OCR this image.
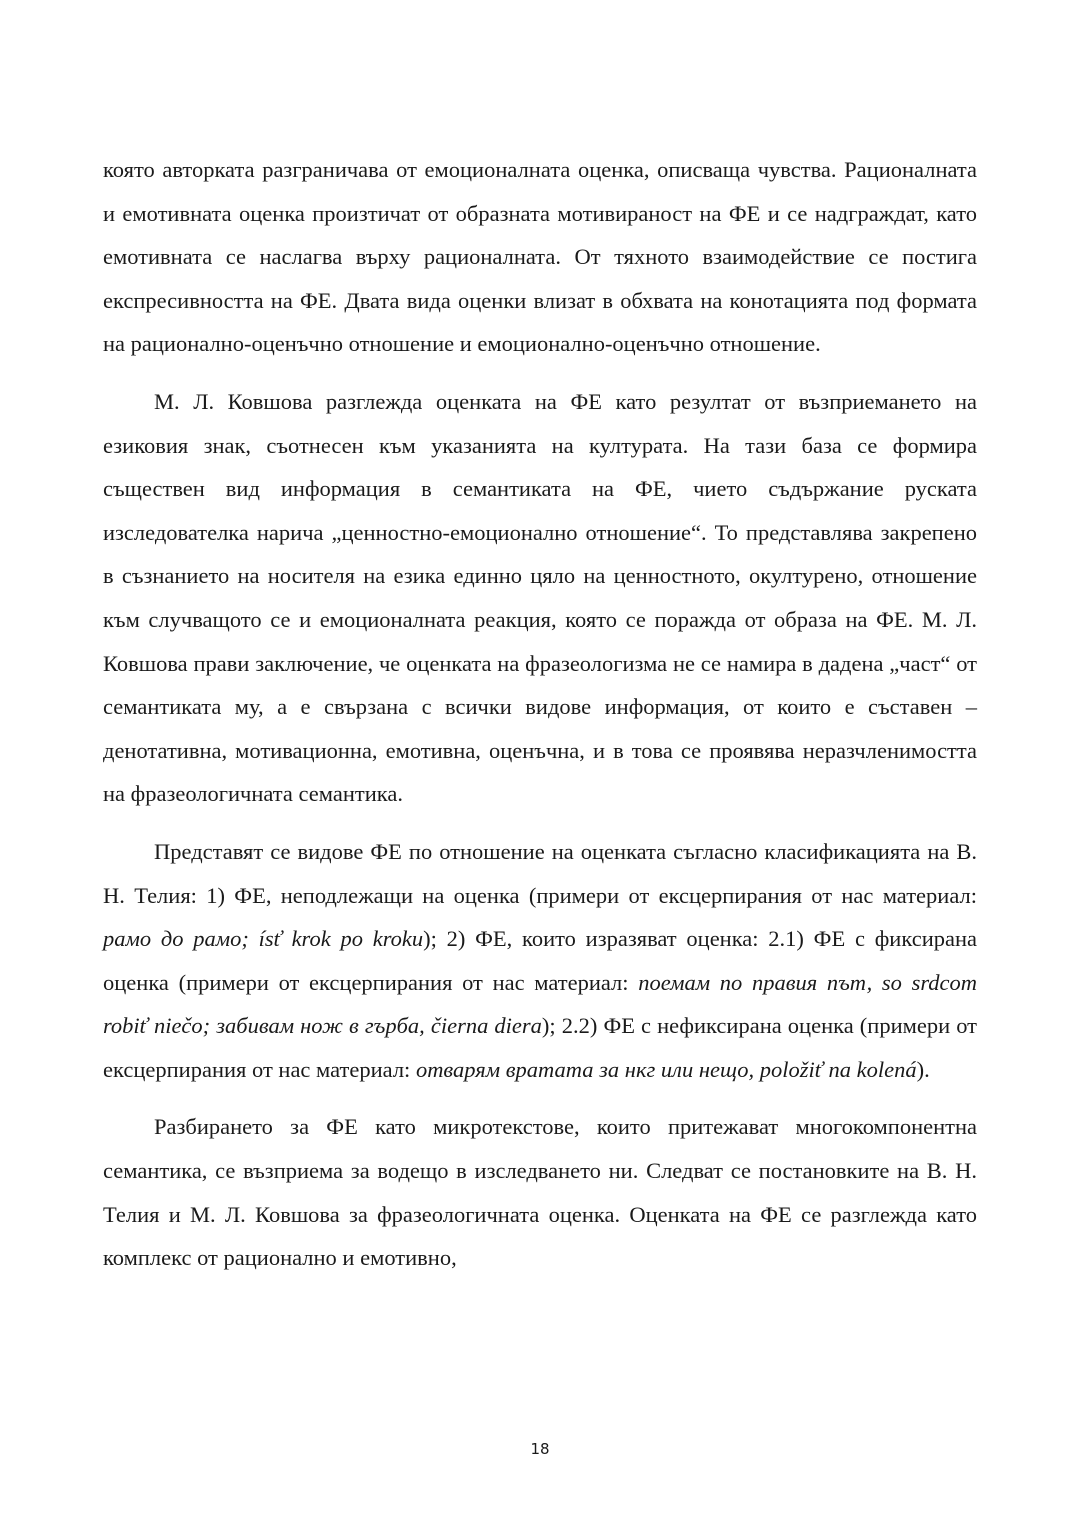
която авторката разграничава от емоционалната оценка, описваща чувства. Рационалната и емотивната оценка произтичат от образната мотивираност на ФЕ и се надграждат, като емотивната се наслагва върху рационалната. От тяхното взаимодействие се постига експресивността на ФЕ. Двата вида оценки влизат в обхвата на конотацията под формата на рационално-оценъчно отношение и емоционално-оценъчно отношение.

М. Л. Ковшова разглежда оценката на ФЕ като резултат от възприемането на езиковия знак, съотнесен към указанията на културата. На тази база се формира съществен вид информация в семантиката на ФЕ, чието съдържание руската изследователка нарича „ценностно-емоционално отношение“. То представлява закрепено в съзнанието на носителя на езика единно цяло на ценностното, окултурено, отношение към случващото се и емоционалната реакция, която се поражда от образа на ФЕ. М. Л. Ковшова прави заключение, че оценката на фразеологизма не се намира в дадена „част“ от семантиката му, а е свързана с всички видове информация, от които е съставен – денотативна, мотивационна, емотивна, оценъчна, и в това се проявява неразчленимостта на фразеологичната семантика.

Представят се видове ФЕ по отношение на оценката съгласно класификацията на В. Н. Телия: 1) ФЕ, неподлежащи на оценка (примери от ексцерпирания от нас материал: рамо до рамо; ísť krok po kroku); 2) ФЕ, които изразяват оценка: 2.1) ФЕ с фиксирана оценка (примери от ексцерпирания от нас материал: поемам по правия път, so srdcom robiť niečo; забивам нож в гърба, čierna diera); 2.2) ФЕ с нефиксирана оценка (примери от ексцерпирания от нас материал: отварям вратата за нкг или нещо, položiť na kolená).

Разбирането за ФЕ като микротекстове, които притежават многокомпонентна семантика, се възприема за водещо в изследването ни. Следват се постановките на В. Н. Телия и М. Л. Ковшова за фразеологичната оценка. Оценката на ФЕ се разглежда като комплекс от рационално и емотивно,

18
